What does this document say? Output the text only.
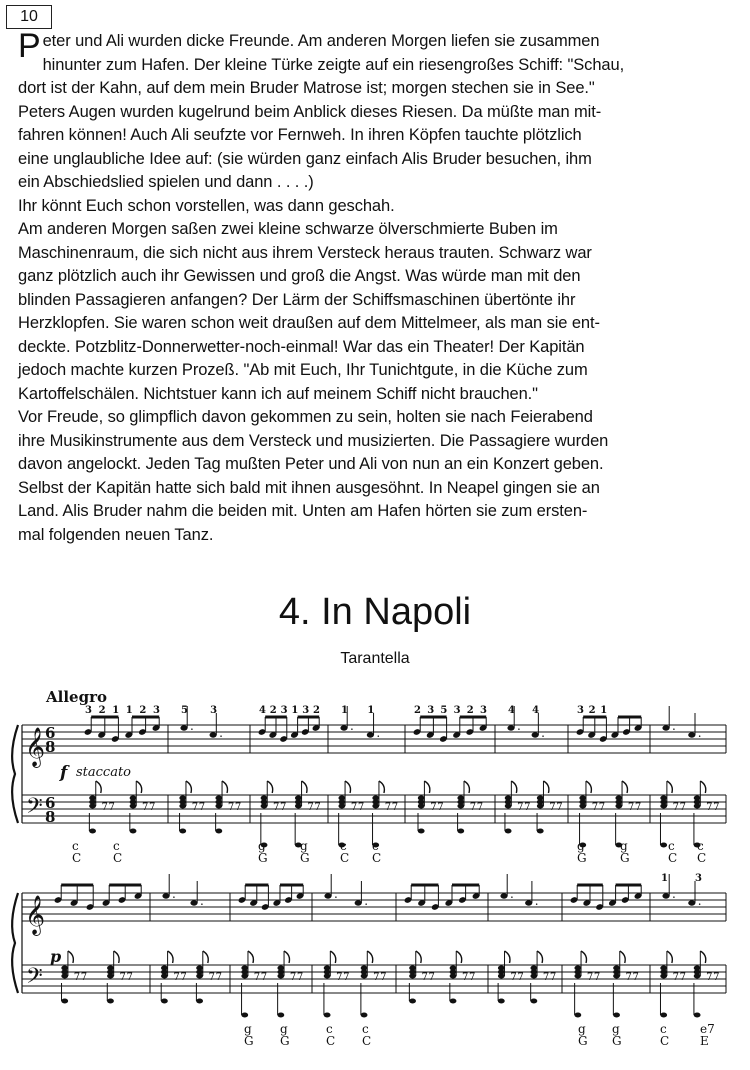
10

Peter und Ali wurden dicke Freunde. Am anderen Morgen liefen sie zusammen
hinunter zum Hafen. Der kleine Türke zeigte auf ein riesengroßes Schiff: "Schau,
dort ist der Kahn, auf dem mein Bruder Matrose ist; morgen stechen sie in See."
Peters Augen wurden kugelrund beim Anblick dieses Riesen. Da müßte man mit-
fahren können! Auch Ali seufzte vor Fernweh. In ihren Köpfen tauchte plötzlich
eine unglaubliche Idee auf: (sie würden ganz einfach Alis Bruder besuchen, ihm
ein Abschiedslied spielen und dann . . . .)
Ihr könnt Euch schon vorstellen, was dann geschah.
Am anderen Morgen saßen zwei kleine schwarze ölverschmierte Buben im
Maschinenraum, die sich nicht aus ihrem Versteck heraus trauten. Schwarz war
ganz plötzlich auch ihr Gewissen und groß die Angst. Was würde man mit den
blinden Passagieren anfangen? Der Lärm der Schiffsmaschinen übertönte ihr
Herzklopfen. Sie waren schon weit draußen auf dem Mittelmeer, als man sie ent-
deckte. Potzblitz-Donnerwetter-noch-einmal! War das ein Theater! Der Kapitän
jedoch machte kurzen Prozeß. "Ab mit Euch, Ihr Tunichtgute, in die Küche zum
Kartoffelschälen. Nichtstuer kann ich auf meinem Schiff nicht brauchen."
Vor Freude, so glimpflich davon gekommen zu sein, holten sie nach Feierabend
ihre Musikinstrumente aus dem Versteck und musizierten. Die Passagiere wurden
davon angelockt. Jeden Tag mußten Peter und Ali von nun an ein Konzert geben.
Selbst der Kapitän hatte sich bald mit ihnen ausgesöhnt. In Neapel gingen sie an
Land. Alis Bruder nahm die beiden mit. Unten am Hafen hörten sie zum ersten-
mal folgenden neuen Tanz.

4. In Napoli
Tarantella
Allegro
𝄞
𝄢
6
8
6
8
7 7	7 7
. .
7 7 7 7	7 7 7 7
. .
7 7 7 7	7 7	7 7
. .
7 7 7 7	7 7 7 7
. .
7 7 7 7
3 2 1 1 2 3 5 3	4 2 3 1 3 2 1 1	2 3 5 3 2 3 4 4	3 2 1
c
C
c
C
g
G
g
G
c
C
c
C
g
G
g
G
c
C
c
C
𝄞
𝄢	7 7	7 7
. .
7 7 7 7	7 7 7 7
. .
7 7 7 7	7 7	7 7
. .
7 7 7 7	7 7	7 7
. .
7 7 7 7
1	3
g
G
g
G
c
C
c
C
g
G
g
G
c
C
e7
E
f staccato
p
